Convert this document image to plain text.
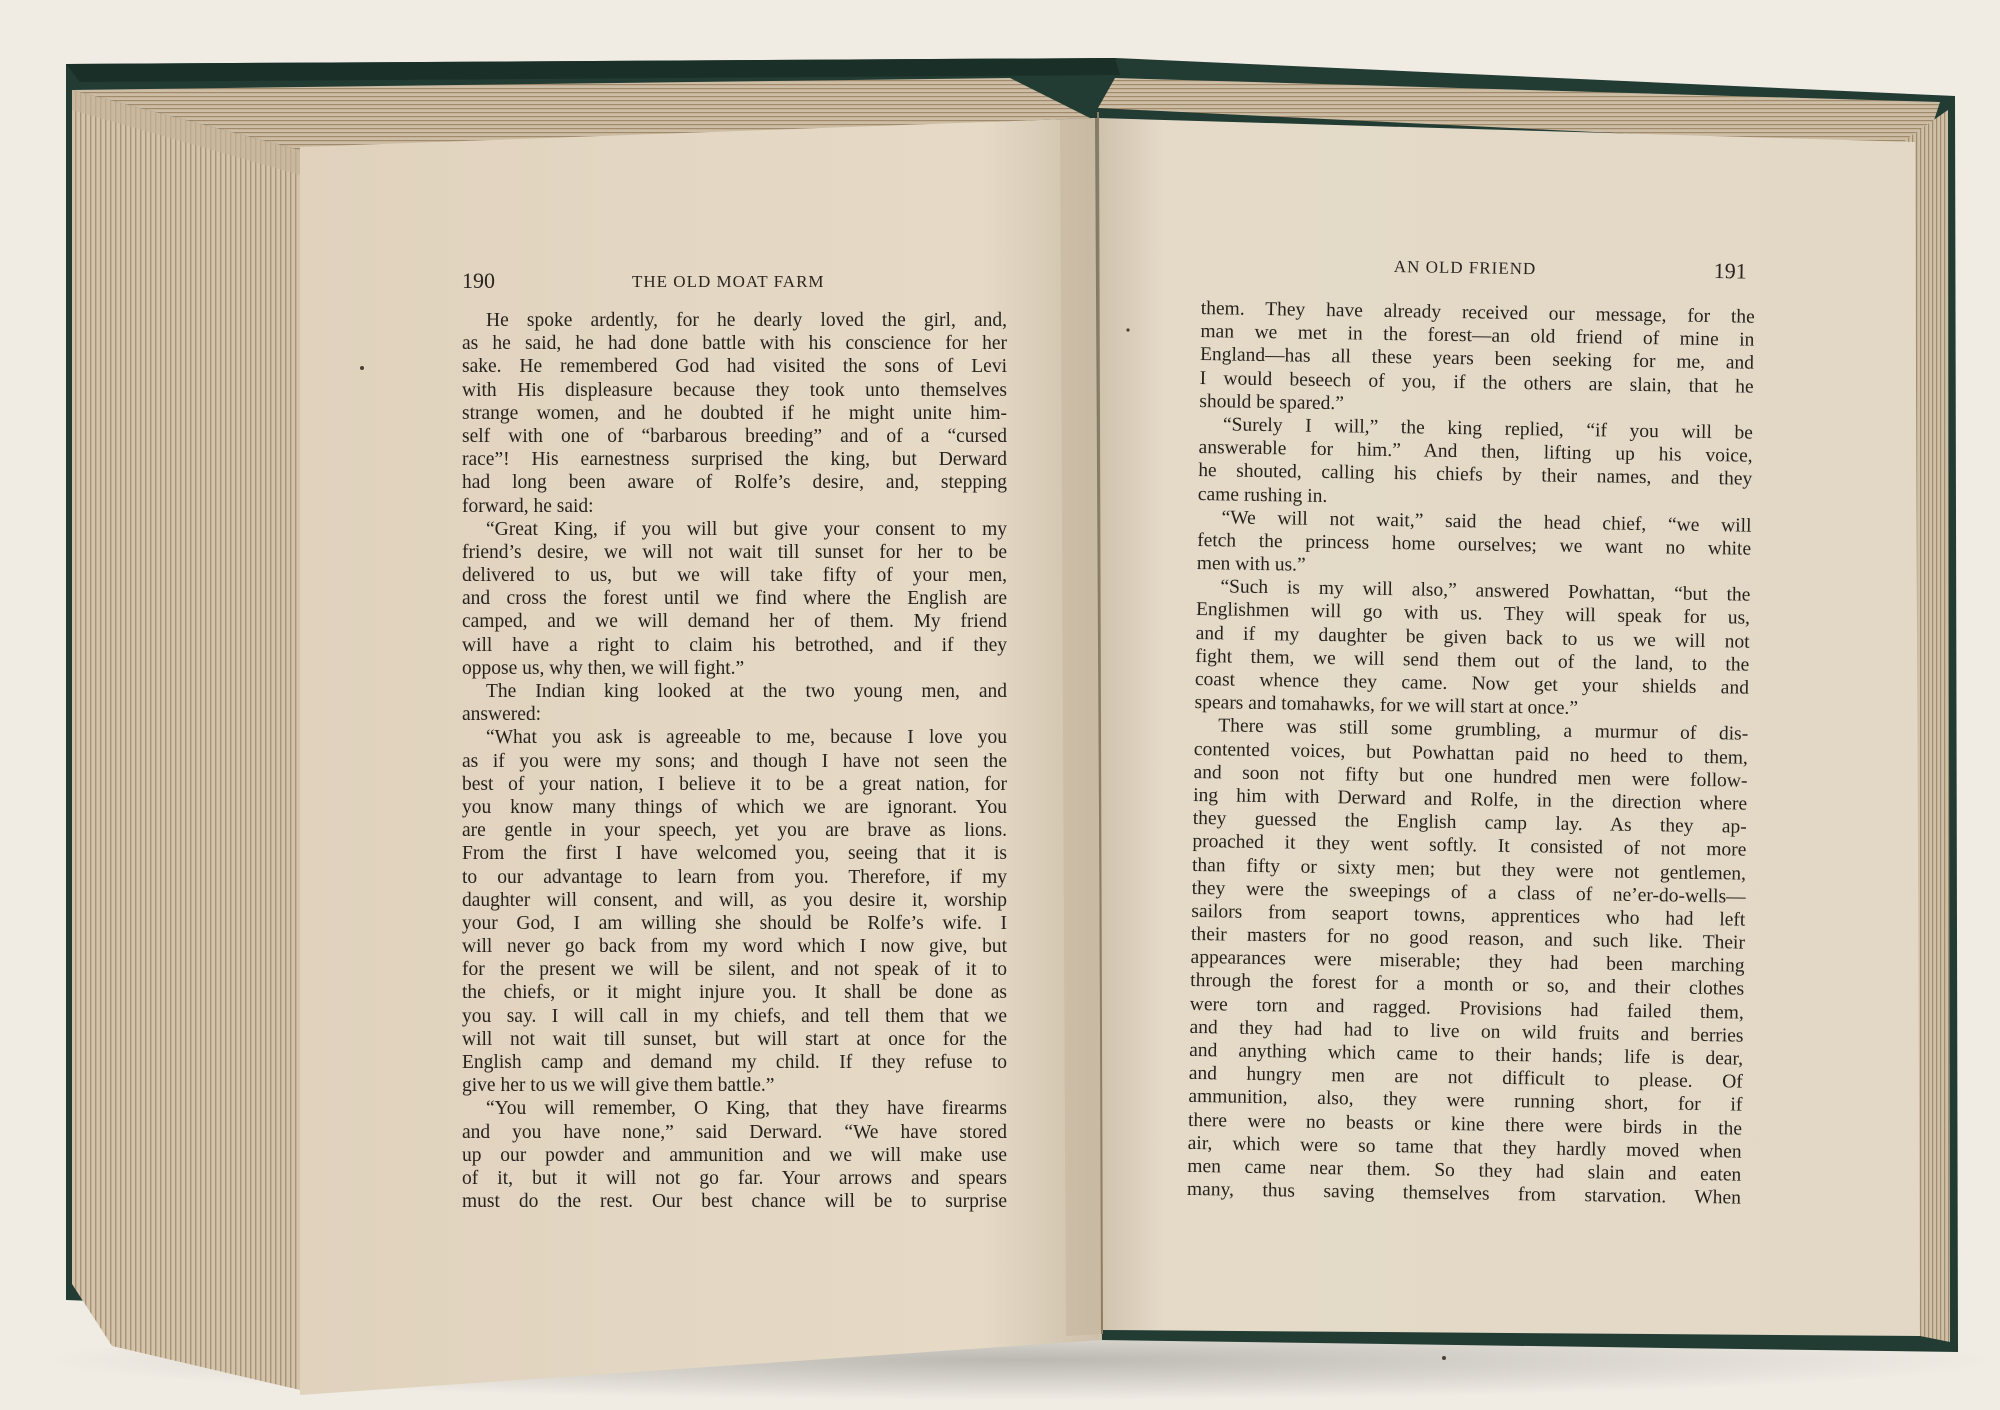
190	THE OLD MOAT FARM
AN OLD FRIEND	191
He spoke ardently, for he dearly loved the girl, and,
as he said, he had done battle with his conscience for her
sake. He remembered God had visited the sons of Levi
with His displeasure because they took unto themselves
strange women, and he doubted if he might unite him-
self with one of “barbarous breeding” and of a “cursed
race”! His earnestness surprised the king, but Derward
had long been aware of Rolfe’s desire, and, stepping
forward, he said:
“Great King, if you will but give your consent to my
friend’s desire, we will not wait till sunset for her to be
delivered to us, but we will take fifty of your men,
and cross the forest until we find where the English are
camped, and we will demand her of them. My friend
will have a right to claim his betrothed, and if they
oppose us, why then, we will fight.”
The Indian king looked at the two young men, and
answered:
“What you ask is agreeable to me, because I love you
as if you were my sons; and though I have not seen the
best of your nation, I believe it to be a great nation, for
you know many things of which we are ignorant. You
are gentle in your speech, yet you are brave as lions.
From the first I have welcomed you, seeing that it is
to our advantage to learn from you. Therefore, if my
daughter will consent, and will, as you desire it, worship
your God, I am willing she should be Rolfe’s wife. I
will never go back from my word which I now give, but
for the present we will be silent, and not speak of it to
the chiefs, or it might injure you. It shall be done as
you say. I will call in my chiefs, and tell them that we
will not wait till sunset, but will start at once for the
English camp and demand my child. If they refuse to
give her to us we will give them battle.”
“You will remember, O King, that they have firearms
and you have none,” said Derward. “We have stored
up our powder and ammunition and we will make use
of it, but it will not go far. Your arrows and spears
must do the rest. Our best chance will be to surprise
them. They have already received our message, for the
man we met in the forest—an old friend of mine in
England—has all these years been seeking for me, and
I would beseech of you, if the others are slain, that he
should be spared.”
“Surely I will,” the king replied, “if you will be
answerable for him.” And then, lifting up his voice,
he shouted, calling his chiefs by their names, and they
came rushing in.
“We will not wait,” said the head chief, “we will
fetch the princess home ourselves; we want no white
men with us.”
“Such is my will also,” answered Powhattan, “but the
Englishmen will go with us. They will speak for us,
and if my daughter be given back to us we will not
fight them, we will send them out of the land, to the
coast whence they came. Now get your shields and
spears and tomahawks, for we will start at once.”
There was still some grumbling, a murmur of dis-
contented voices, but Powhattan paid no heed to them,
and soon not fifty but one hundred men were follow-
ing him with Derward and Rolfe, in the direction where
they guessed the English camp lay. As they ap-
proached it they went softly. It consisted of not more
than fifty or sixty men; but they were not gentlemen,
they were the sweepings of a class of ne’er-do-wells—
sailors from seaport towns, apprentices who had left
their masters for no good reason, and such like. Their
appearances were miserable; they had been marching
through the forest for a month or so, and their clothes
were torn and ragged. Provisions had failed them,
and they had had to live on wild fruits and berries
and anything which came to their hands; life is dear,
and hungry men are not difficult to please. Of
ammunition, also, they were running short, for if
there were no beasts or kine there were birds in the
air, which were so tame that they hardly moved when
men came near them. So they had slain and eaten
many, thus saving themselves from starvation. When
